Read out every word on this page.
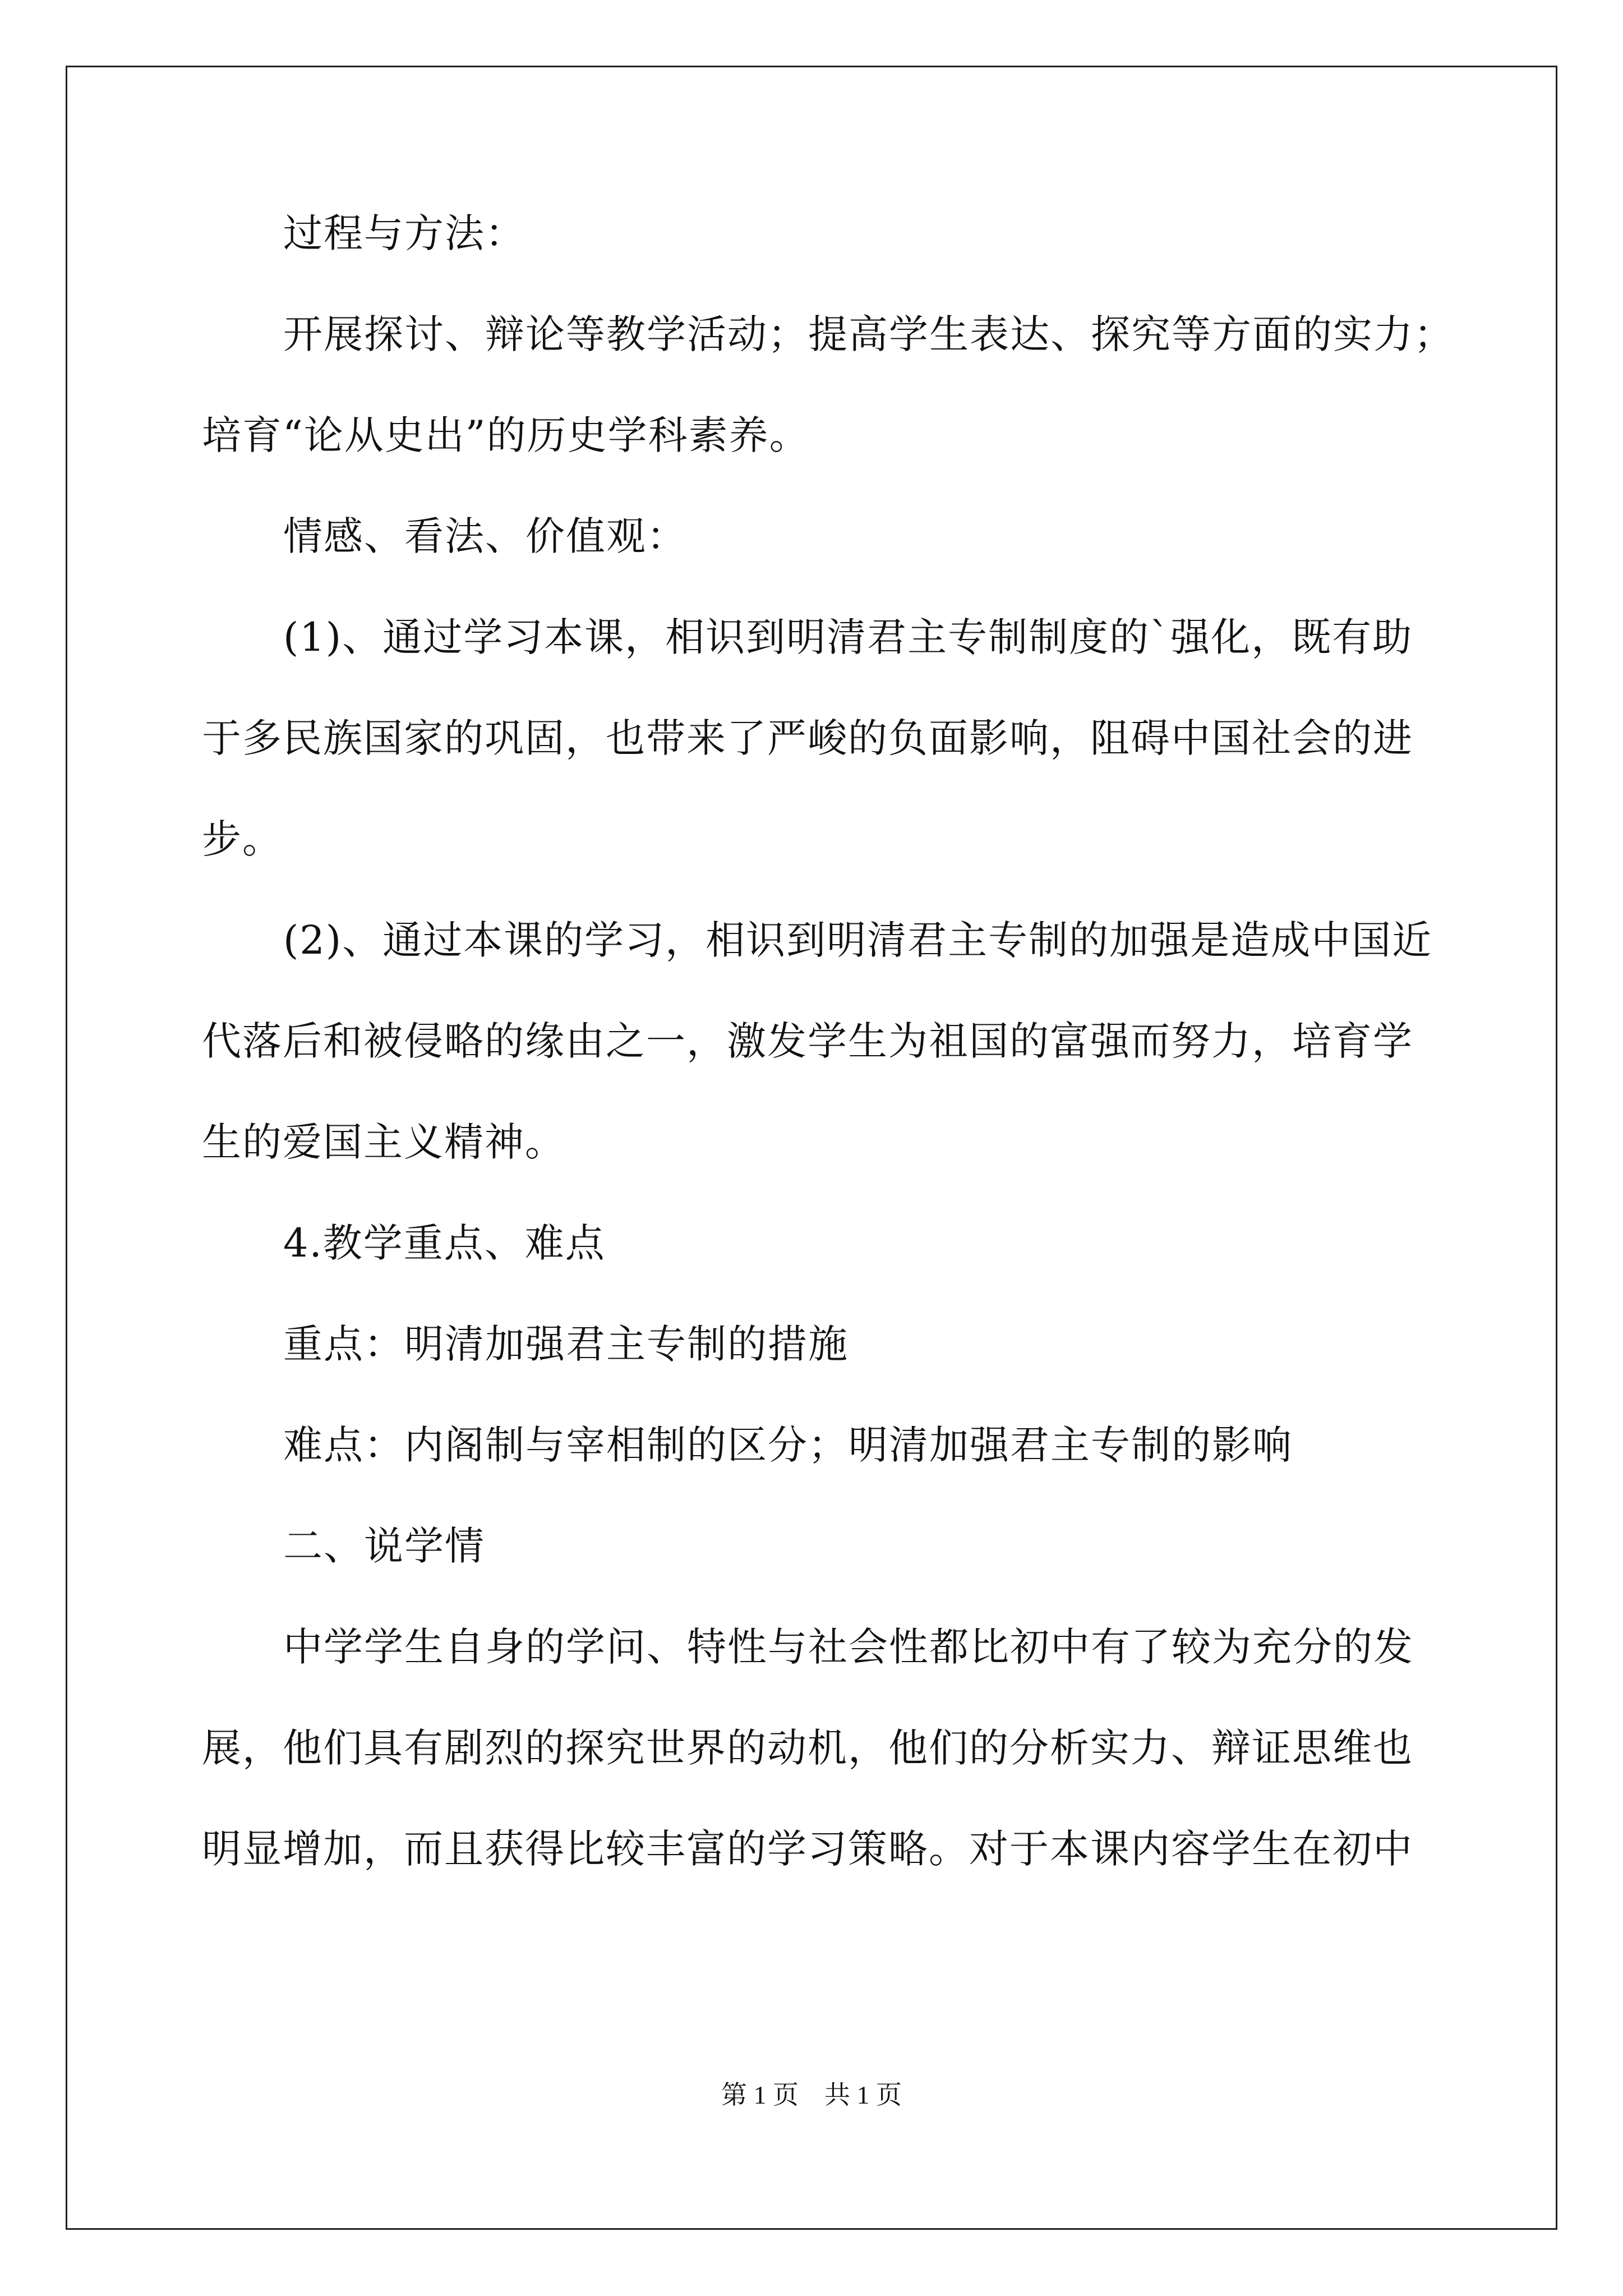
过程与方法：
开展探讨、辩论等教学活动；提高学生表达、探究等方面的实力；
培育“论从史出”的历史学科素养。
情感、看法、价值观：
(1)、通过学习本课，相识到明清君主专制制度的`强化，既有助
于多民族国家的巩固，也带来了严峻的负面影响，阻碍中国社会的进
步。
(2)、通过本课的学习，相识到明清君主专制的加强是造成中国近
代落后和被侵略的缘由之一，激发学生为祖国的富强而努力，培育学
生的爱国主义精神。
4.教学重点、难点
重点：明清加强君主专制的措施
难点：内阁制与宰相制的区分；明清加强君主专制的影响
二、说学情
中学学生自身的学问、特性与社会性都比初中有了较为充分的发
展，他们具有剧烈的探究世界的动机，他们的分析实力、辩证思维也
明显增加，而且获得比较丰富的学习策略。对于本课内容学生在初中
第 1 页　共 1 页
